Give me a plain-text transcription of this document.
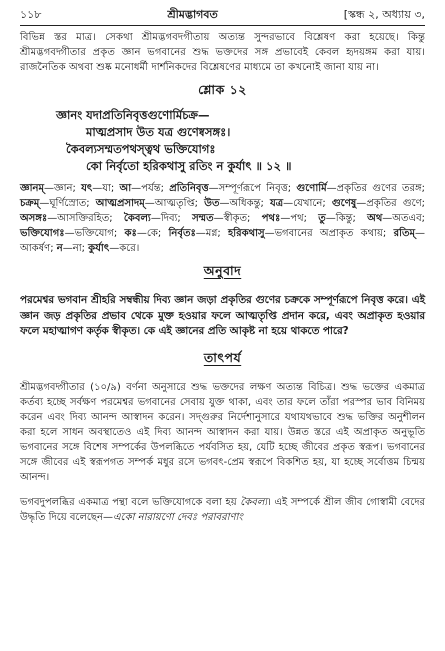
১১৮	শ্রীমদ্ভাগবত	[স্কন্ধ ২, অধ্যায় ৩,

বিভিন্ন স্তর মাত্র। সেকথা শ্রীমদ্ভগবদগীতায় অত্যন্ত সুন্দরভাবে বিশ্লেষণ করা হয়েছে। কিন্তু শ্রীমদ্ভগবদ্গীতার প্রকৃত জ্ঞান ভগবানের শুদ্ধ ভক্তদের সঙ্গ প্রভাবেই কেবল হৃদয়ঙ্গম করা যায়। রাজনৈতিক অথবা শুষ্ক মনোধর্মী দার্শনিকদের বিশ্লেষণের মাধ্যমে তা কখনোই জানা যায় না।

শ্লোক ১২
জ্ঞানং যদাপ্রতিনিবৃত্তগুণোর্মিচক্র—
মাত্মপ্রসাদ উত যত্র গুণেষ্বসঙ্গঃ।
কৈবল্যসম্মতপথস্ত্বথ ভক্তিযোগঃ
কো নির্বৃতো হরিকথাসু রতিং ন কুর্যাৎ ॥ ১২ ॥
জ্ঞানম্—জ্ঞান; যৎ—যা; আ—পর্যন্ত; প্রতিনিবৃত্ত—সম্পূর্ণরূপে নিবৃত্ত; গুণোর্মি—প্রকৃতির গুণের তরঙ্গ; চক্রম্—ঘূর্ণিস্রোত; আত্মপ্রসাদম্—আত্মতৃপ্তি; উত—অধিকন্তু; যত্র—যেখানে; গুণেষু—প্রকৃতির গুণে; অসঙ্গঃ—আসক্তিরহিত; কৈবল্য—দিব্য; সম্মত—স্বীকৃত; পথঃ—পথ; তু—কিন্তু; অথ—অতএব; ভক্তিযোগঃ—ভক্তিযোগ; কঃ—কে; নির্বৃতঃ—মগ্ন; হরিকথাসু—ভগবানের অপ্রাকৃত কথায়; রতিম্—আকর্ষণ; ন—না; কুর্যাৎ—করে।
অনুবাদ

পরমেশ্বর ভগবান শ্রীহরি সম্বন্ধীয় দিব্য জ্ঞান জড়া প্রকৃতির গুণের চক্রকে সম্পূর্ণরূপে নিবৃত্ত করে। এই জ্ঞান জড় প্রকৃতির প্রভাব থেকে মুক্ত হওয়ার ফলে আত্মতৃপ্তি প্রদান করে, এবং অপ্রাকৃত হওয়ার ফলে মহাত্মাগণ কর্তৃক স্বীকৃত। কে এই জ্ঞানের প্রতি আকৃষ্ট না হয়ে থাকতে পারে?

তাৎপর্য

শ্রীমদ্ভগবদ্গীতার (১০/৯) বর্ণনা অনুসারে শুদ্ধ ভক্তদের লক্ষণ অত্যন্ত বিচিত্র। শুদ্ধ ভক্তের একমাত্র কর্তব্য হচ্ছে সর্বক্ষণ পরমেশ্বর ভগবানের সেবায় যুক্ত থাকা, এবং তার ফলে তাঁরা পরস্পর ভাব বিনিময় করেন এবং দিব্য আনন্দ আস্বাদন করেন। সদ্গুরুর নির্দেশানুসারে যথাযথভাবে শুদ্ধ ভক্তির অনুশীলন করা হলে সাধন অবস্থাতেও এই দিব্য আনন্দ আস্বাদন করা যায়। উন্নত স্তরে এই অপ্রাকৃত অনুভূতি ভগবানের সঙ্গে বিশেষ সম্পর্কের উপলব্ধিতে পর্যবসিত হয়, যেটি হচ্ছে জীবের প্রকৃত স্বরূপ। ভগবানের সঙ্গে জীবের এই স্বরূপগত সম্পর্ক মধুর রসে ভগবৎ-প্রেম স্বরূপে বিকশিত হয়, যা হচ্ছে সর্বোত্তম চিন্ময় আনন্দ।

ভগবদুপলব্ধির একমাত্র পন্থা বলে ভক্তিযোগকে বলা হয় কৈবল্য। এই সম্পর্কে শ্রীল জীব গোস্বামী বেদের উদ্ধৃতি দিয়ে বলেছেন—একো নারায়ণো দেবঃ পরাবরাণাং
